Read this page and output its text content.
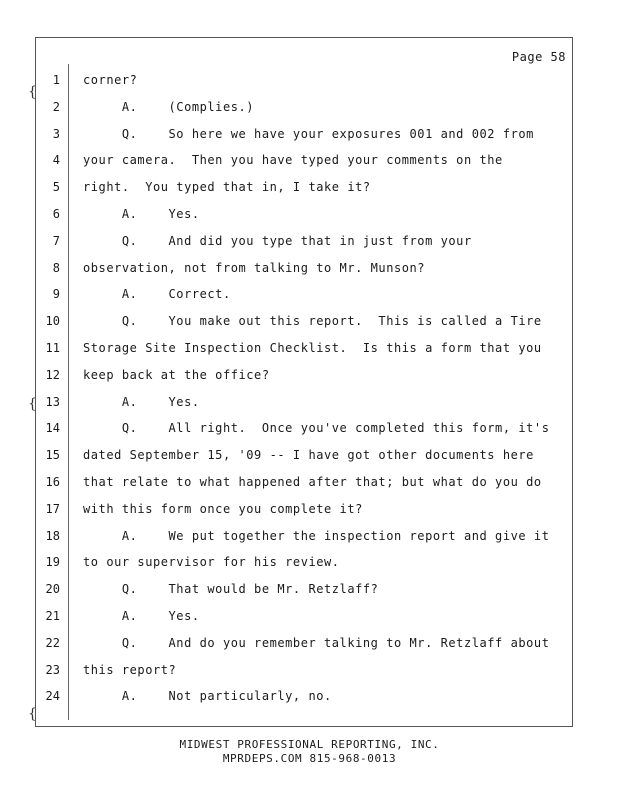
Page 58
{
{
{
1 corner?
2 A.    (Complies.)
3 Q.    So here we have your exposures 001 and 002 from
4 your camera.  Then you have typed your comments on the
5 right.  You typed that in, I take it?
6 A.    Yes.
7 Q.    And did you type that in just from your
8 observation, not from talking to Mr. Munson?
9 A.    Correct.
10 Q.    You make out this report.  This is called a Tire
11 Storage Site Inspection Checklist.  Is this a form that you
12 keep back at the office?
13 A.    Yes.
14 Q.    All right.  Once you've completed this form, it's
15 dated September 15, '09 -- I have got other documents here
16 that relate to what happened after that; but what do you do
17 with this form once you complete it?
18 A.    We put together the inspection report and give it
19 to our supervisor for his review.
20 Q.    That would be Mr. Retzlaff?
21 A.    Yes.
22 Q.    And do you remember talking to Mr. Retzlaff about
23 this report?
24 A.    Not particularly, no.
MIDWEST PROFESSIONAL REPORTING, INC.
MPRDEPS.COM 815-968-0013
